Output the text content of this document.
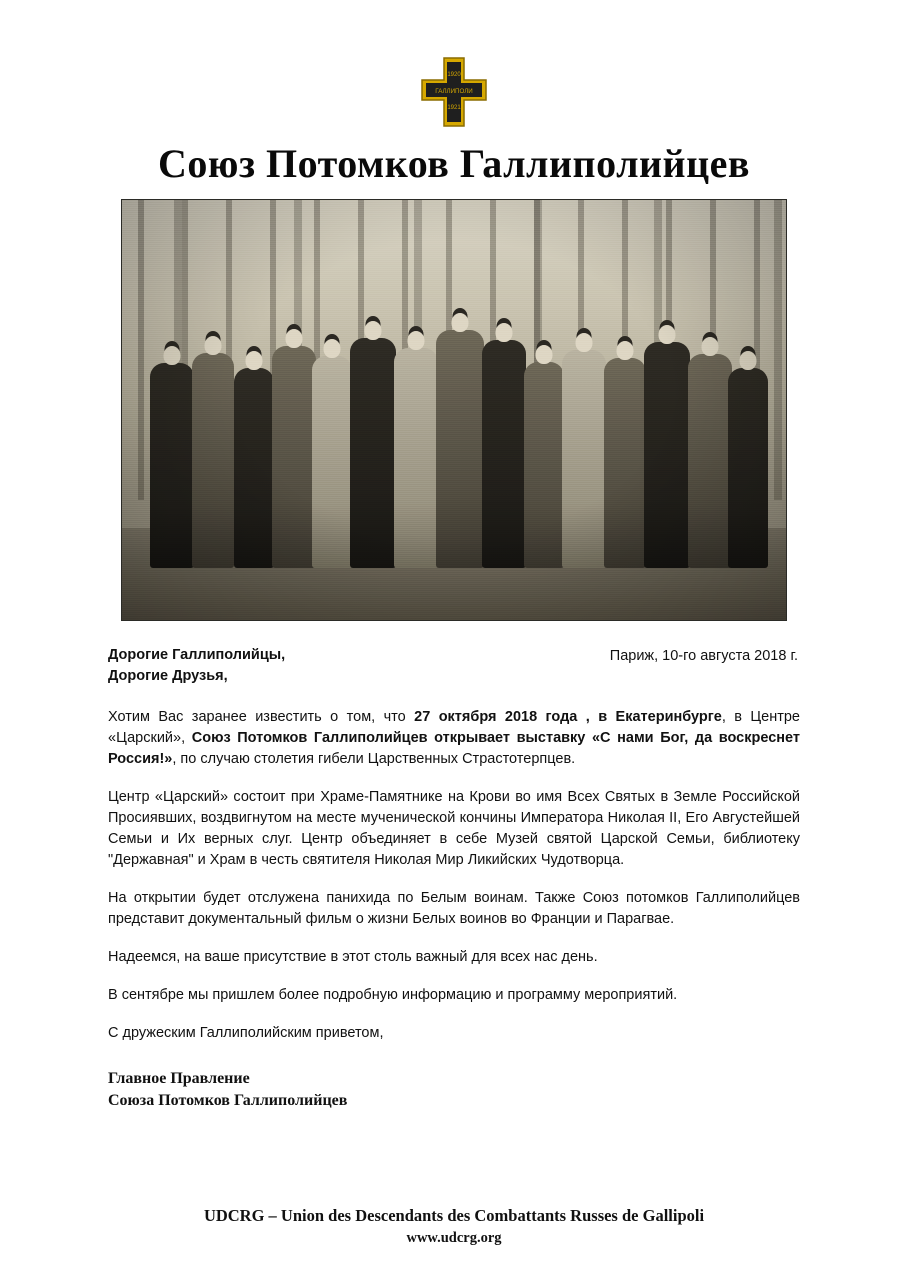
1920
ГАЛЛИПОЛИ
1921
Союз Потомков Галлиполийцев
Дорогие Галлиполийцы,
Дорогие Друзья,
Париж, 10-го августа 2018 г.

Хотим Вас заранее известить о том, что 27 октября 2018 года , в Екатеринбурге, в Центре «Царский», Союз Потомков Галлиполийцев открывает выставку «С нами Бог, да воскреснет Россия!», по случаю столетия гибели Царственных Страстотерпцев.

Центр «Царский» состоит при Храме-Памятнике на Крови во имя Всех Святых в Земле Российской Просиявших, воздвигнутом на месте мученической кончины Императора Николая II, Его Августейшей Семьи и Их верных слуг. Центр объединяет в себе Музей святой Царской Семьи, библиотеку "Державная" и Храм в честь святителя Николая Мир Ликийских Чудотворца.

На открытии будет отслужена панихида по Белым воинам. Также Союз потомков Галлиполийцев представит документальный фильм о жизни Белых воинов во Франции и Парагвае.

Надеемся, на ваше присутствие в этот столь важный для всех нас день.

В сентябре мы пришлем более подробную информацию и программу мероприятий.

С дружеским Галлиполийским приветом,

Главное Правление
Союза Потомков Галлиполийцев
UDCRG – Union des Descendants des Combattants Russes de Gallipoli
www.udcrg.org
